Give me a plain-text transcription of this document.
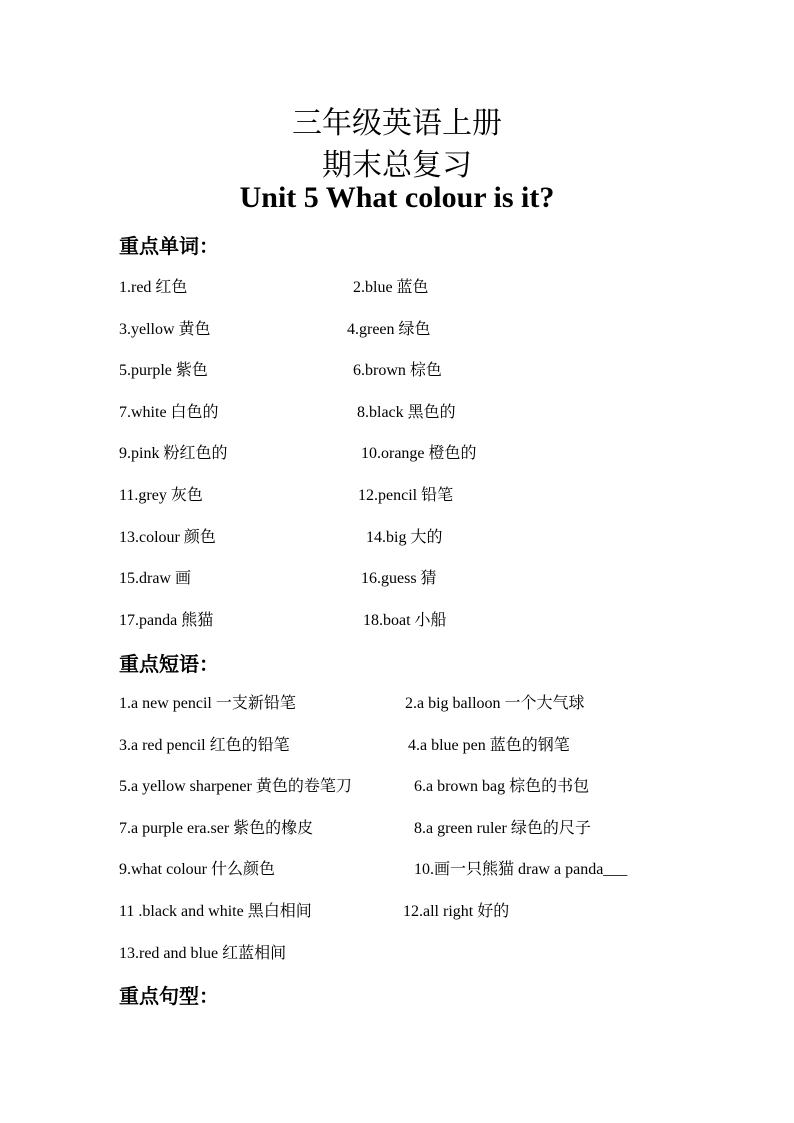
三年级英语上册
期末总复习
Unit 5 What colour is it?
重点单词：
1.red 红色	2.blue 蓝色
3.yellow 黄色	4.green 绿色
5.purple 紫色	6.brown 棕色
7.white 白色的	8.black 黑色的
9.pink 粉红色的	10.orange 橙色的
11.grey 灰色	12.pencil 铅笔
13.colour 颜色	14.big 大的
15.draw 画	16.guess 猜
17.panda 熊猫	18.boat 小船
重点短语：
1.a new pencil 一支新铅笔	2.a big balloon 一个大气球
3.a red pencil 红色的铅笔	4.a blue pen 蓝色的钢笔
5.a yellow sharpener 黄色的卷笔刀	6.a brown bag 棕色的书包
7.a purple era.ser 紫色的橡皮	8.a green ruler 绿色的尺子
9.what colour 什么颜色	10.画一只熊猫 draw a panda___
11 .black and white 黑白相间	12.all right 好的
13.red and blue 红蓝相间
重点句型：
